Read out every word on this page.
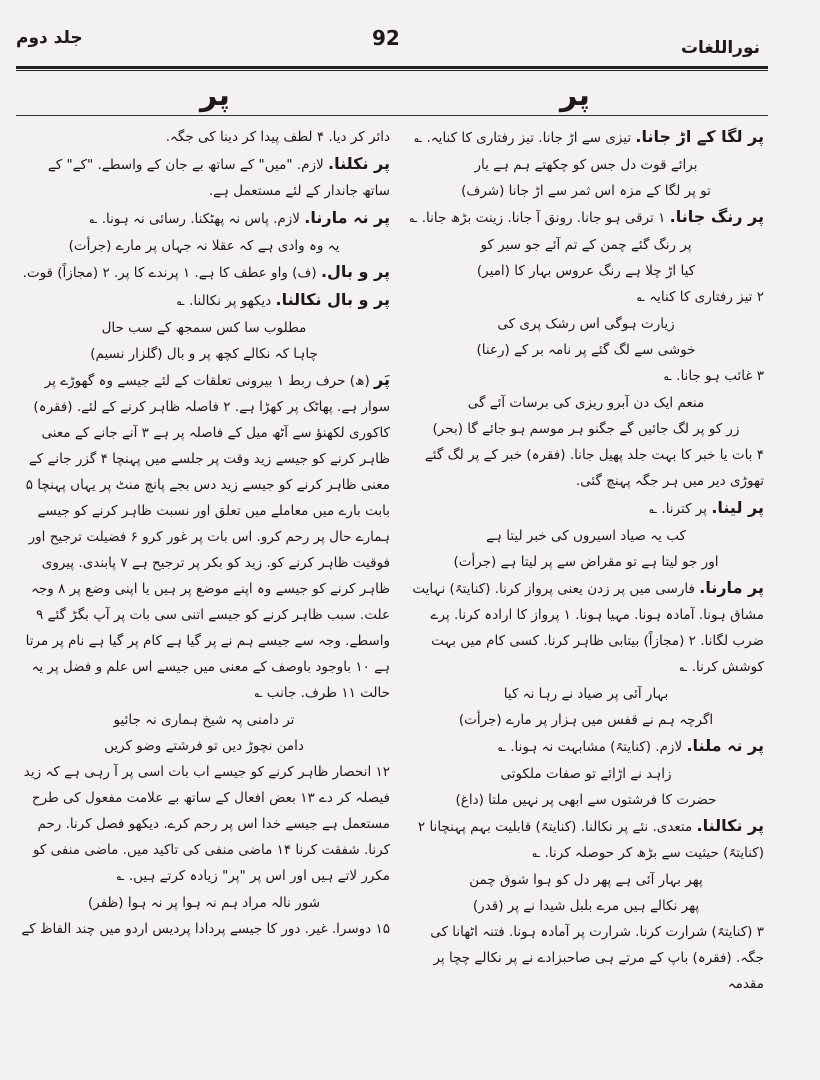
جلد دوم	92	نوراللغات
پر	پر

پر لگا کے اڑ جانا. تیزی سے اڑ جانا. تیز رفتاری کا کنایہ. ؎

برائے قوت دل جس کو چکھتے ہم ہے یار

تو پر لگا کے مزہ اس ثمر سے اڑ جانا (شرف)

پر رنگ جانا. ۱ ترقی ہو جانا. رونق آ جانا. زینت بڑھ جانا. ؎

پر رنگ گئے چمن کے تم آئے جو سیر کو

کیا اڑ چلا ہے رنگ عروس بہار کا (امیر)

۲ تیز رفتاری کا کنایہ ؎

زیارت ہوگی اس رشک پری کی

خوشی سے لگ گئے پر نامہ بر کے (رعنا)

۳ غائب ہو جانا. ؎

منعم ایک دن آبرو ریزی کی برسات آئے گی

زر کو پر لگ جائیں گے جگنو ہر موسم ہو جائے گا (بحر)

۴ بات یا خبر کا بہت جلد پھیل جانا. (فقرہ) خبر کے پر لگ گئے تھوڑی دیر میں ہر جگہ پہنچ گئی.

پر لینا. پر کترنا. ؎

کب یہ صیاد اسیروں کی خبر لیتا ہے

اور جو لیتا ہے تو مقراض سے پر لیتا ہے (جرأت)

پر مارنا. فارسی میں پر زدن یعنی پرواز کرنا. (کنایتہً) نہایت مشاق ہونا. آمادہ ہونا. مہیا ہونا. ۱ پرواز کا ارادہ کرنا. پرے ضرب لگانا. ۲ (مجازاً) بیتابی ظاہر کرنا. کسی کام میں بہت کوشش کرنا. ؎

بہار آئی پر صیاد نے رہا نہ کیا

اگرچہ ہم نے قفس میں ہزار پر مارے (جرأت)

پر نہ ملنا. لازم. (کنایتہً) مشابہت نہ ہونا. ؎

زاہد نے اڑائے تو صفات ملکوتی

حضرت کا فرشتوں سے ابھی پر نہیں ملتا (داغ)

پر نکالنا. متعدی. نئے پر نکالنا. (کنایتہً) قابلیت بہم پہنچانا ۲ (کنایتہً) حیثیت سے بڑھ کر حوصلہ کرنا. ؎

پھر بہار آئی ہے پھر دل کو ہوا شوق چمن

پھر نکالے ہیں مرے بلبل شیدا نے پر (قدر)

۳ (کنایتہً) شرارت کرنا. شرارت پر آمادہ ہونا. فتنہ اٹھانا کی جگہ. (فقرہ) باپ کے مرتے ہی صاحبزادے نے پر نکالے چچا پر مقدمہ

دائر کر دیا. ۴ لطف پیدا کر دینا کی جگہ.

پر نکلنا. لازم. "میں" کے ساتھ بے جان کے واسطے. "کے" کے ساتھ جاندار کے لئے مستعمل ہے.

پر نہ مارنا. لازم. پاس نہ پھٹکنا. رسائی نہ ہونا. ؎

یہ وہ وادی ہے کہ عقلا نہ جہاں پر مارے (جرأت)

پر و بال. (ف) واو عطف کا ہے. ۱ پرندے کا پر. ۲ (مجازاً) قوت.

پر و بال نکالنا. دیکھو پر نکالنا. ؎

مطلوب سا کس سمجھ کے سب حال

چاہا کہ نکالے کچھ پر و بال (گلزار نسیم)

پَر (ھ) حرف ربط ۱ بیرونی تعلقات کے لئے جیسے وہ گھوڑے پر سوار ہے. پھاٹک پر کھڑا ہے. ۲ فاصلہ ظاہر کرنے کے لئے. (فقرہ) کاکوری لکھنؤ سے آٹھ میل کے فاصلہ پر ہے ۳ آنے جانے کے معنی ظاہر کرنے کو جیسے زید وقت پر جلسے میں پہنچا ۴ گزر جانے کے معنی ظاہر کرنے کو جیسے زید دس بجے پانچ منٹ پر یہاں پہنچا ۵ بابت بارے میں معاملے میں تعلق اور نسبت ظاہر کرنے کو جیسے ہمارے حال پر رحم کرو. اس بات پر غور کرو ۶ فضیلت ترجیح اور فوقیت ظاہر کرنے کو. زید کو بکر پر ترجیح ہے ۷ پابندی. پیروی ظاہر کرنے کو جیسے وہ اپنے موضع پر ہیں یا اپنی وضع پر ۸ وجہ علت. سبب ظاہر کرنے کو جیسے اتنی سی بات پر آپ بگڑ گئے ۹ واسطے. وجہ سے جیسے ہم نے پر گیا ہے کام پر گیا ہے نام پر مرتا ہے ۱۰ باوجود باوصف کے معنی میں جیسے اس علم و فضل پر یہ حالت ۱۱ طرف. جانب ؎

تر دامنی پہ شیخ ہماری نہ جائیو

دامن نچوڑ دیں تو فرشتے وضو کریں

۱۲ انحصار ظاہر کرنے کو جیسے اب بات اسی پر آ رہی ہے کہ زید فیصلہ کر دے ۱۳ بعض افعال کے ساتھ بے علامت مفعول کی طرح مستعمل ہے جیسے خدا اس پر رحم کرے. دیکھو فصل کرنا. رحم کرنا. شفقت کرنا ۱۴ ماضی منفی کی تاکید میں. ماضی منفی کو مکرر لاتے ہیں اور اس پر "پر" زیادہ کرتے ہیں. ؎

شور نالہ مراد ہم نہ ہوا پر نہ ہوا (ظفر)

۱۵ دوسرا. غیر. دور کا جیسے پردادا پردیس اردو میں چند الفاظ کے
